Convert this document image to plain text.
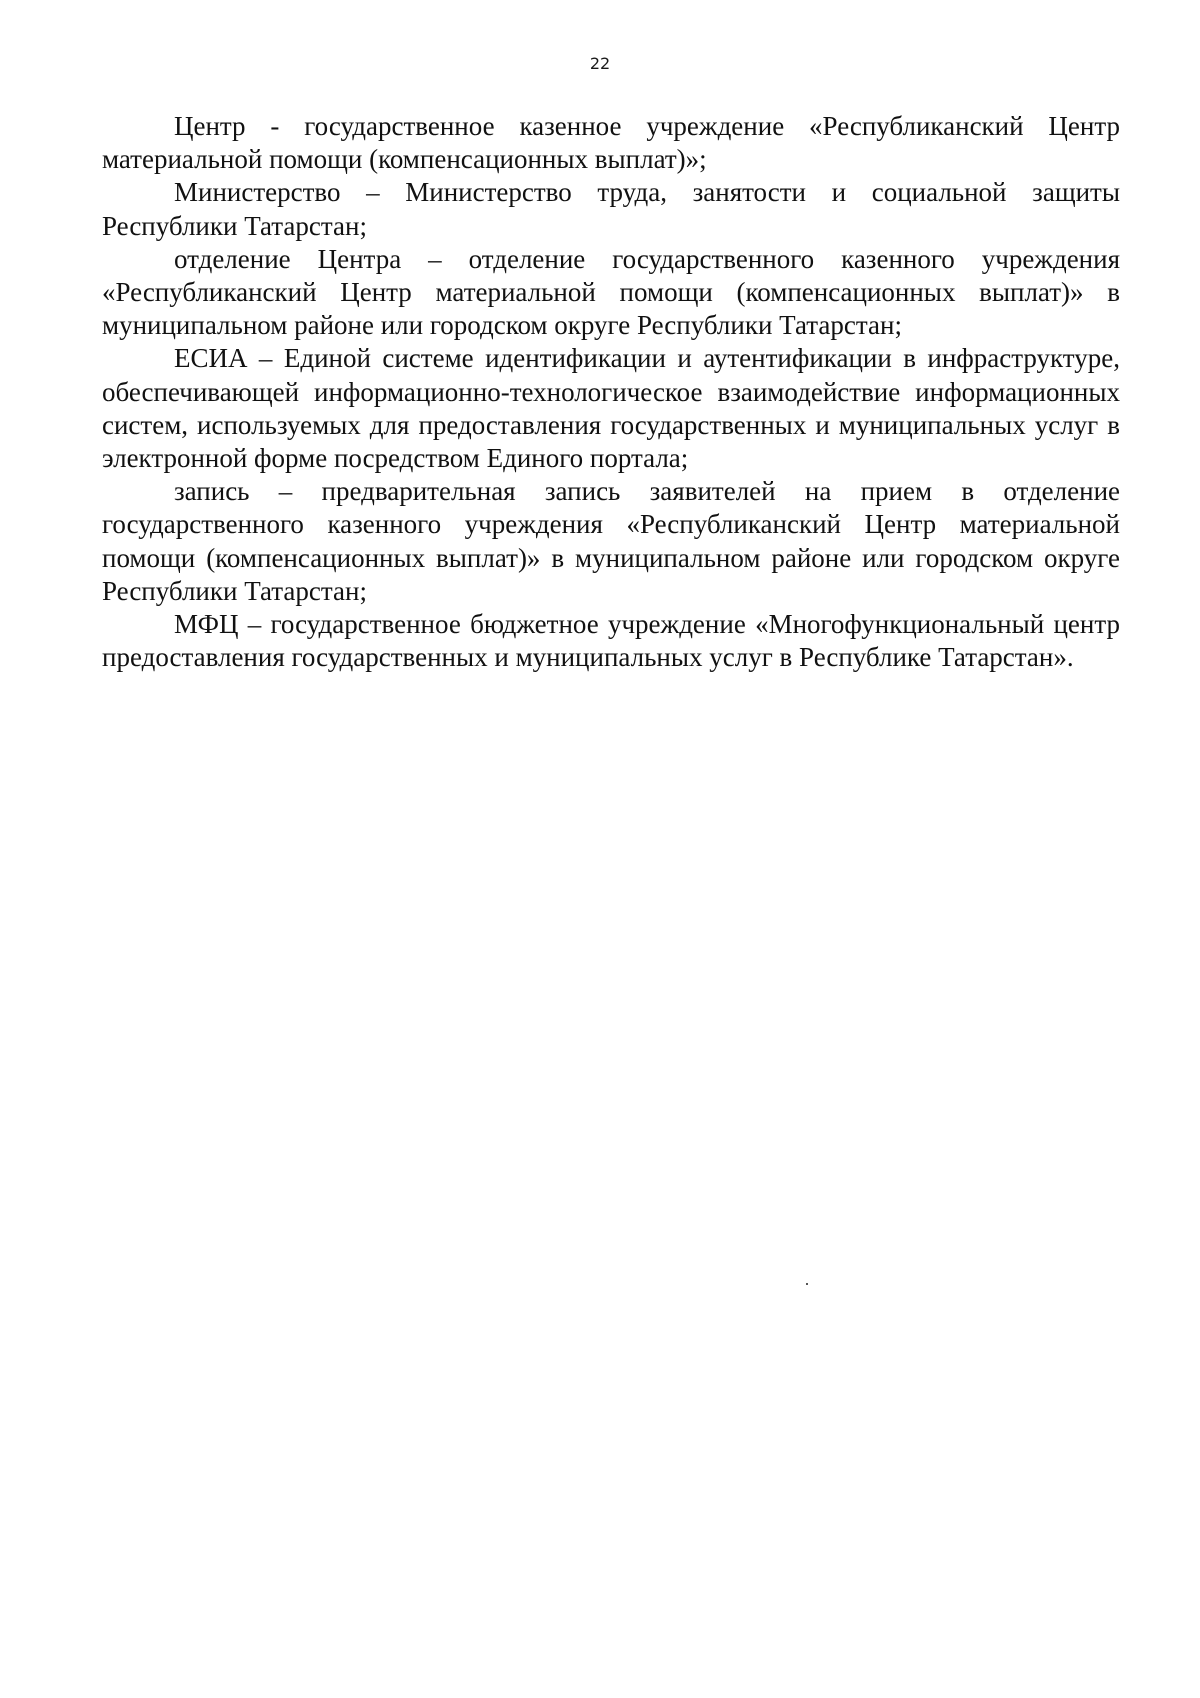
22

Центр - государственное казенное учреждение «Республиканский Центр материальной помощи (компенсационных выплат)»;

Министерство – Министерство труда, занятости и социальной защиты Республики Татарстан;

отделение Центра – отделение государственного казенного учреждения «Республиканский Центр материальной помощи (компенсационных выплат)» в муниципальном районе или городском округе Республики Татарстан;

ЕСИА – Единой системе идентификации и аутентификации в инфраструктуре, обеспечивающей информационно-технологическое взаимодействие информационных систем, используемых для предоставления государственных и муниципальных услуг в электронной форме посредством Единого портала;

запись – предварительная запись заявителей на прием в отделение государственного казенного учреждения «Республиканский Центр материальной помощи (компенсационных выплат)» в муниципальном районе или городском округе Республики Татарстан;

МФЦ – государственное бюджетное учреждение «Многофункциональный центр предоставления государственных и муниципальных услуг в Республике Татарстан».
